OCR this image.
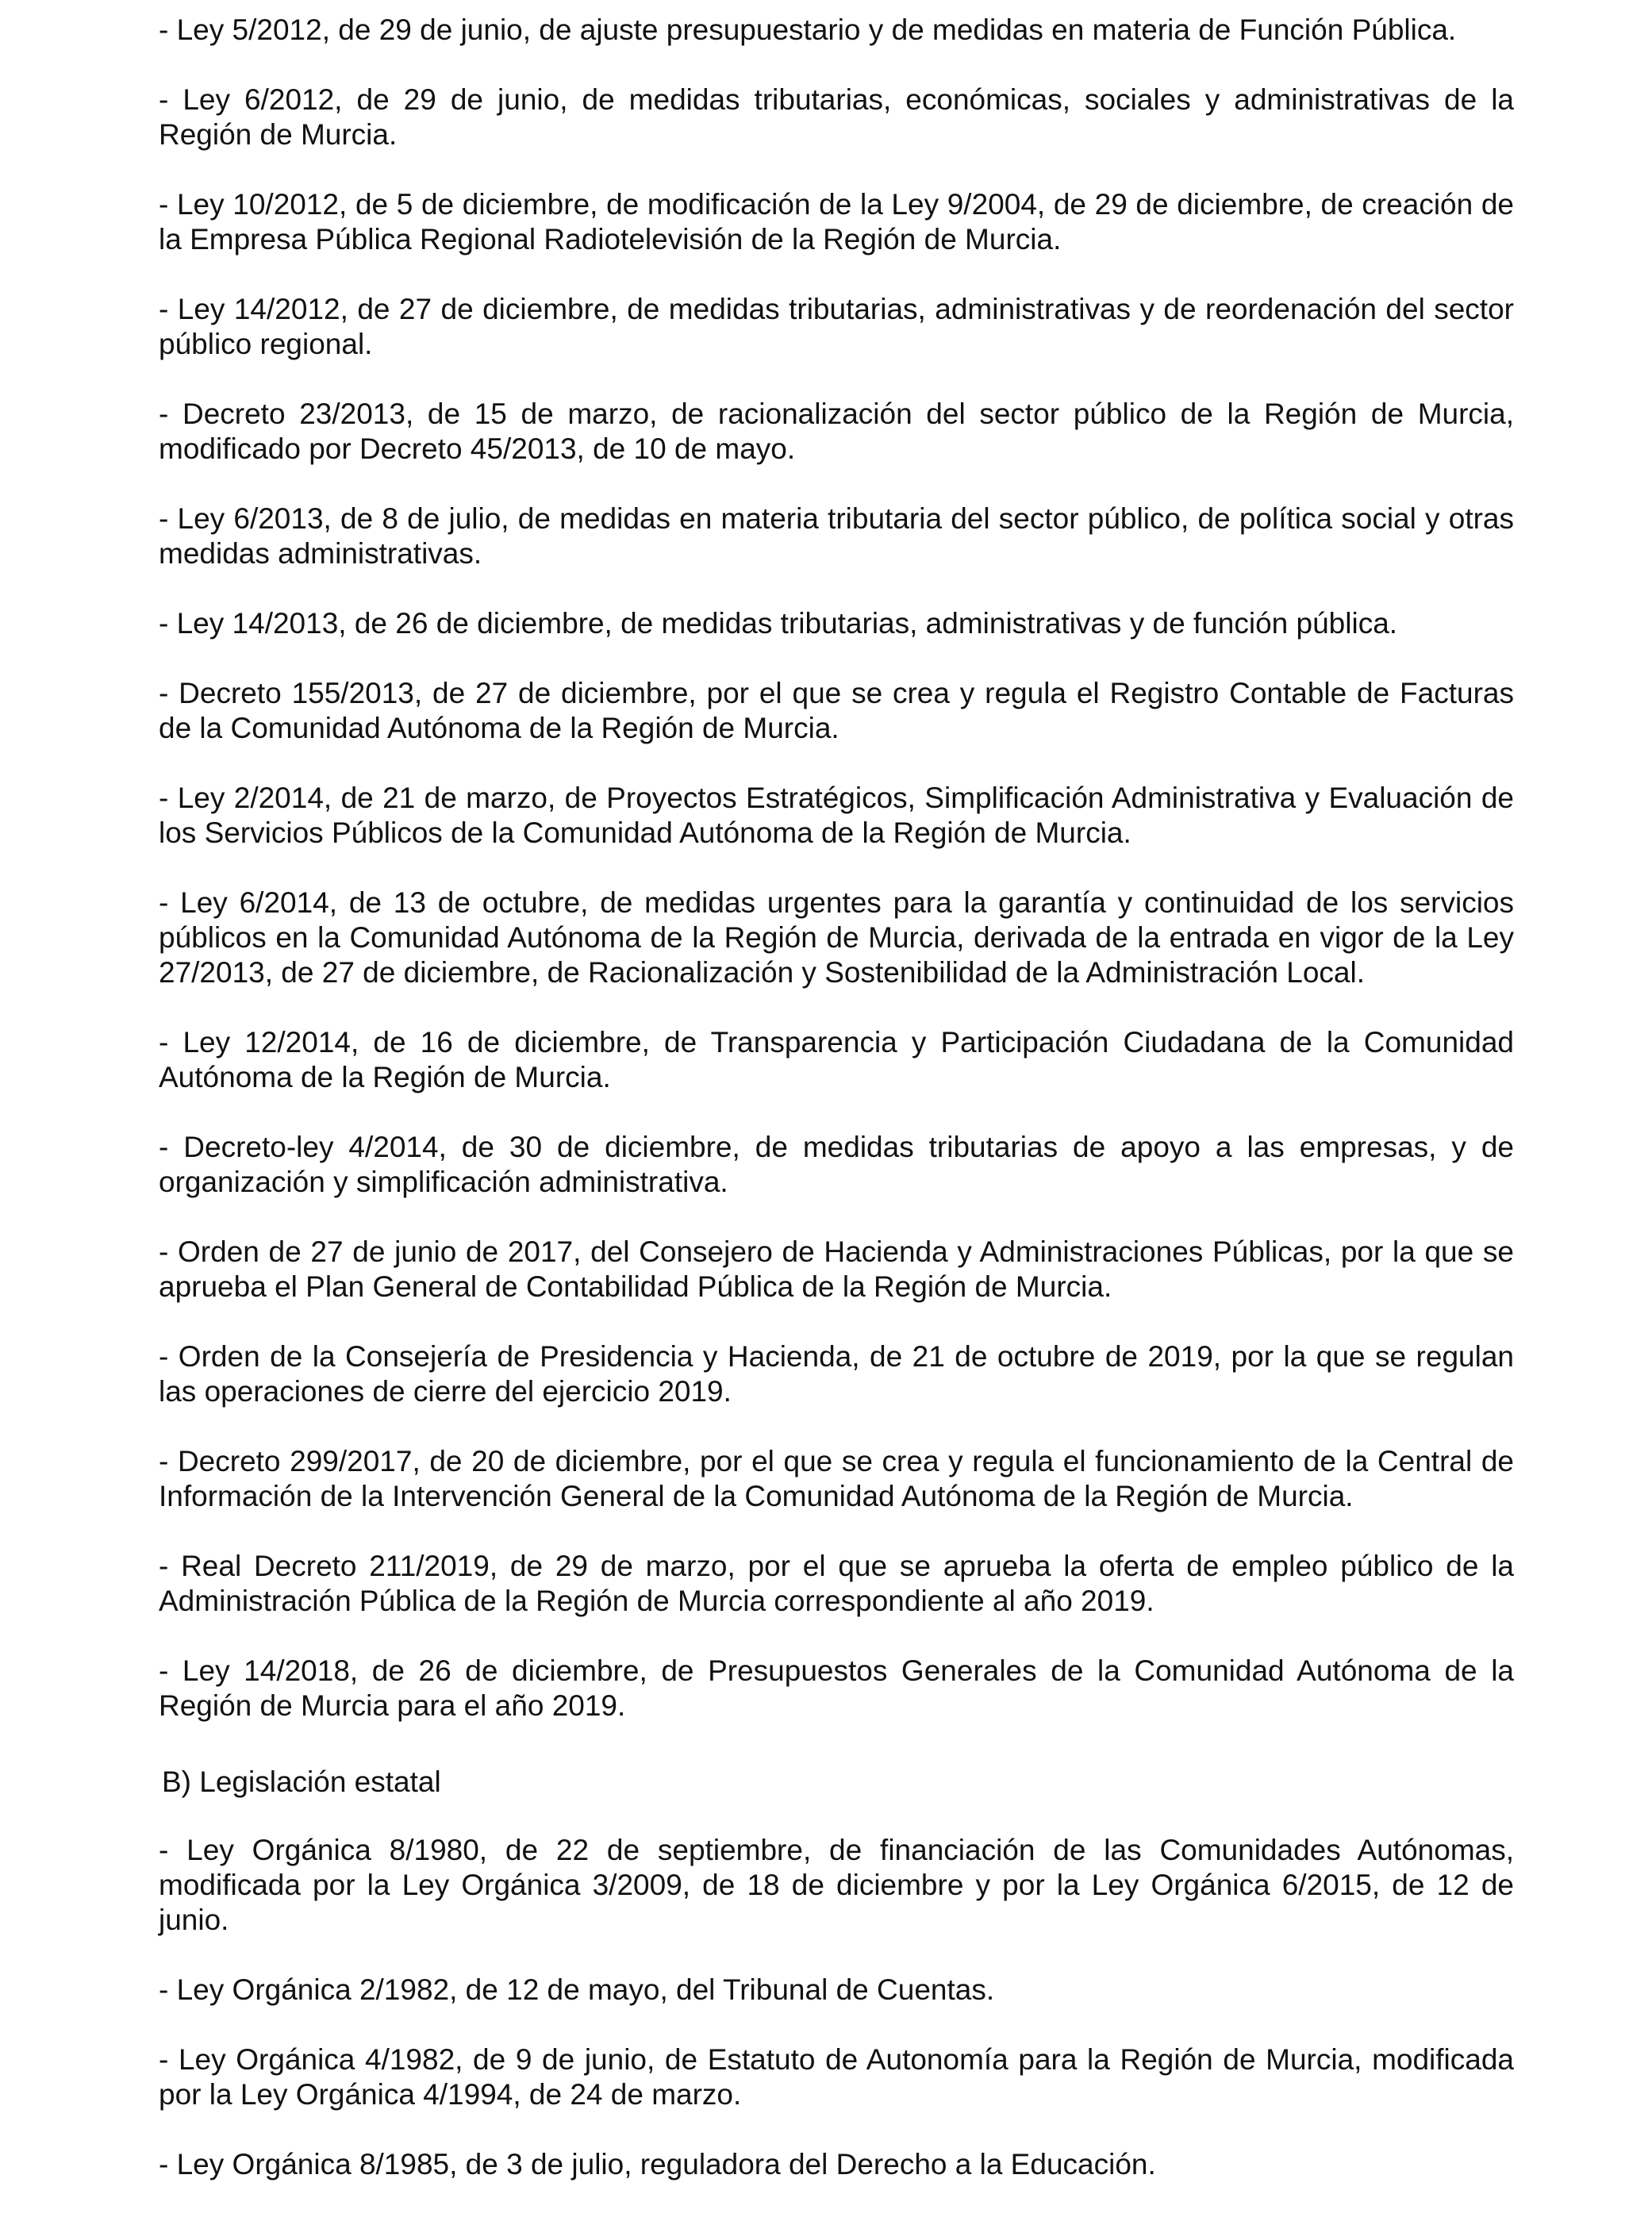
- Ley 5/2012, de 29 de junio, de ajuste presupuestario y de medidas en materia de Función Pública.

- Ley 6/2012, de 29 de junio, de medidas tributarias, económicas, sociales y administrativas de la Región de Murcia.

- Ley 10/2012, de 5 de diciembre, de modificación de la Ley 9/2004, de 29 de diciembre, de creación de la Empresa Pública Regional Radiotelevisión de la Región de Murcia.

- Ley 14/2012, de 27 de diciembre, de medidas tributarias, administrativas y de reordenación del sector público regional.

- Decreto 23/2013, de 15 de marzo, de racionalización del sector público de la Región de Murcia, modificado por Decreto 45/2013, de 10 de mayo.

- Ley 6/2013, de 8 de julio, de medidas en materia tributaria del sector público, de política social y otras medidas administrativas.

- Ley 14/2013, de 26 de diciembre, de medidas tributarias, administrativas y de función pública.

- Decreto 155/2013, de 27 de diciembre, por el que se crea y regula el Registro Contable de Facturas de la Comunidad Autónoma de la Región de Murcia.

- Ley 2/2014, de 21 de marzo, de Proyectos Estratégicos, Simplificación Administrativa y Evaluación de los Servicios Públicos de la Comunidad Autónoma de la Región de Murcia.

- Ley 6/2014, de 13 de octubre, de medidas urgentes para la garantía y continuidad de los servicios públicos en la Comunidad Autónoma de la Región de Murcia, derivada de la entrada en vigor de la Ley 27/2013, de 27 de diciembre, de Racionalización y Sostenibilidad de la Administración Local.

- Ley 12/2014, de 16 de diciembre, de Transparencia y Participación Ciudadana de la Comunidad Autónoma de la Región de Murcia.

- Decreto-ley 4/2014, de 30 de diciembre, de medidas tributarias de apoyo a las empresas, y de organización y simplificación administrativa.

- Orden de 27 de junio de 2017, del Consejero de Hacienda y Administraciones Públicas, por la que se aprueba el Plan General de Contabilidad Pública de la Región de Murcia.

- Orden de la Consejería de Presidencia y Hacienda, de 21 de octubre de 2019, por la que se regulan las operaciones de cierre del ejercicio 2019.

- Decreto 299/2017, de 20 de diciembre, por el que se crea y regula el funcionamiento de la Central de Información de la Intervención General de la Comunidad Autónoma de la Región de Murcia.

- Real Decreto 211/2019, de 29 de marzo, por el que se aprueba la oferta de empleo público de la Administración Pública de la Región de Murcia correspondiente al año 2019.

- Ley 14/2018, de 26 de diciembre, de Presupuestos Generales de la Comunidad Autónoma de la Región de Murcia para el año 2019.

B) Legislación estatal

- Ley Orgánica 8/1980, de 22 de septiembre, de financiación de las Comunidades Autónomas, modificada por la Ley Orgánica 3/2009, de 18 de diciembre y por la Ley Orgánica 6/2015, de 12 de junio.

- Ley Orgánica 2/1982, de 12 de mayo, del Tribunal de Cuentas.

- Ley Orgánica 4/1982, de 9 de junio, de Estatuto de Autonomía para la Región de Murcia, modificada por la Ley Orgánica 4/1994, de 24 de marzo.

- Ley Orgánica 8/1985, de 3 de julio, reguladora del Derecho a la Educación.
